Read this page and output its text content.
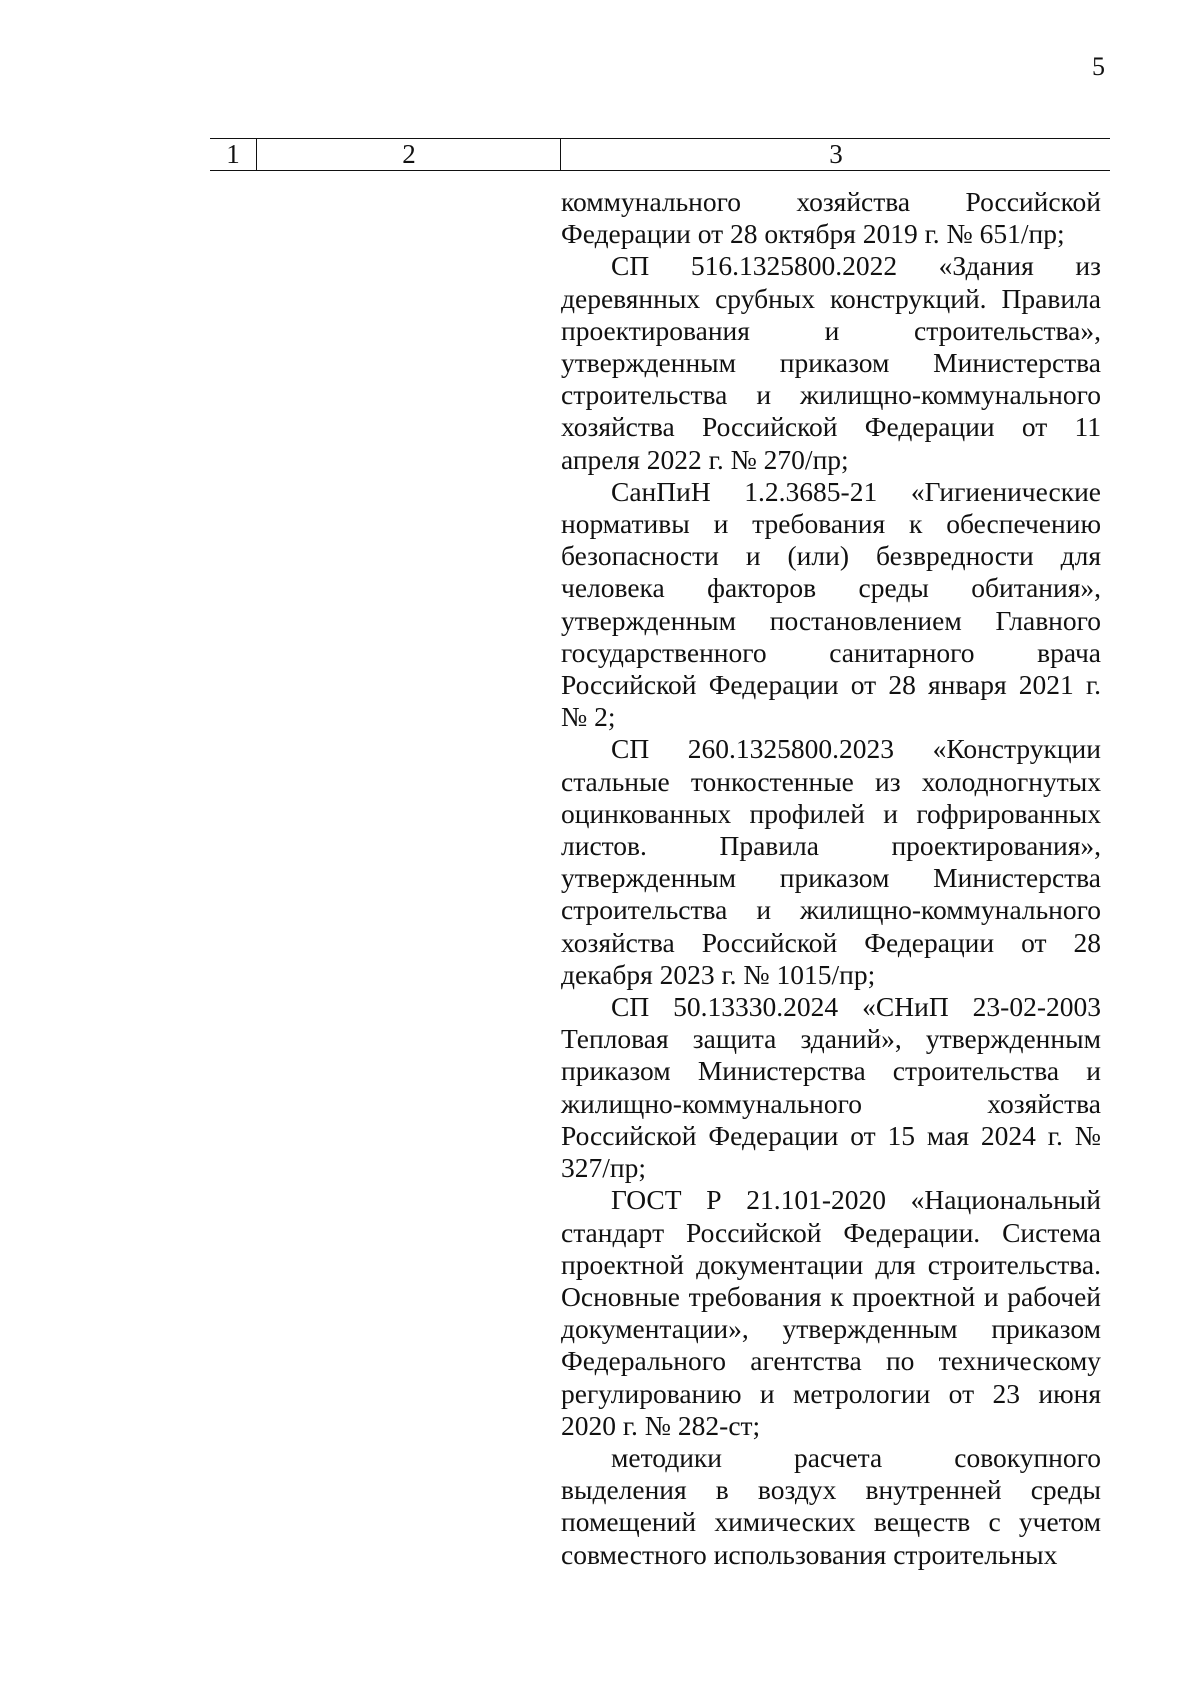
5
1	2	3

коммунального хозяйства Российской Федерации от 28 октября 2019 г. № 651/пр;

СП 516.1325800.2022 «Здания из деревянных срубных конструкций. Правила проектирования и строительства», утвержденным приказом Министерства строительства и жилищно-коммунального хозяйства Российской Федерации от 11 апреля 2022 г. № 270/пр;

СанПиН 1.2.3685-21 «Гигиенические нормативы и требования к обеспечению безопасности и (или) безвредности для человека факторов среды обитания», утвержденным постановлением Главного государственного санитарного врача Российской Федерации от 28 января 2021 г. № 2;

СП 260.1325800.2023 «Конструкции стальные тонкостенные из холодногнутых оцинкованных профилей и гофрированных листов. Правила проектирования», утвержденным приказом Министерства строительства и жилищно-коммунального хозяйства Российской Федерации от 28 декабря 2023 г. № 1015/пр;

СП 50.13330.2024 «СНиП 23-02-2003 Тепловая защита зданий», утвержденным приказом Министерства строительства и жилищно-коммунального хозяйства Российской Федерации от 15 мая 2024 г. № 327/пр;

ГОСТ Р 21.101-2020 «Национальный стандарт Российской Федерации. Система проектной документации для строительства. Основные требования к проектной и рабочей документации», утвержденным приказом Федерального агентства по техническому регулированию и метрологии от 23 июня 2020 г. № 282-ст;

методики расчета совокупного выделения в воздух внутренней среды помещений химических веществ с учетом совместного использования строительных
